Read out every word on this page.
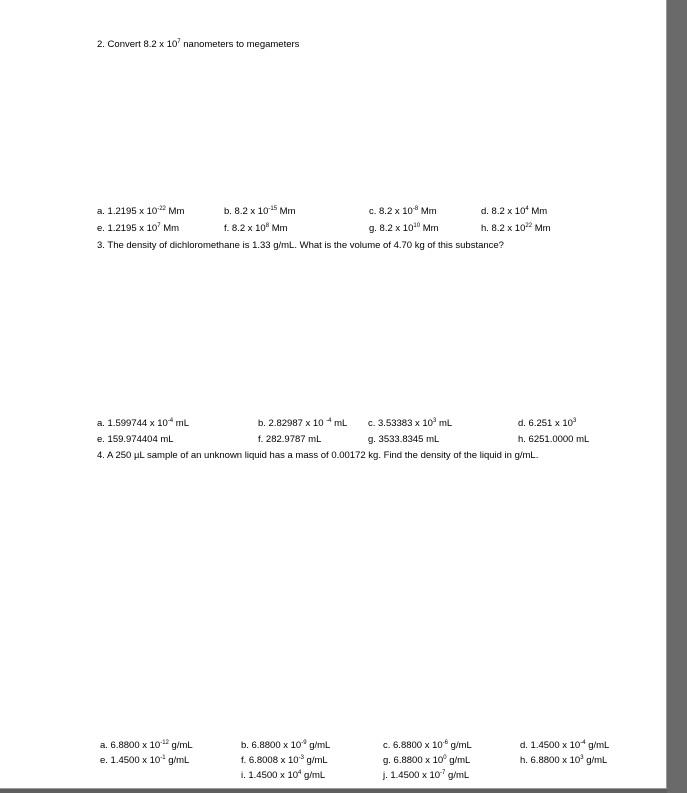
2. Convert 8.2 x $10^7$ nanometers to megameters
a. 1.2195 x $10^{-22}$ Mm	b. 8.2 x $10^{-15}$ Mm	c. 8.2 x $10^{-8}$ Mm	d. 8.2 x $10^4$ Mm
e. 1.2195 x $10^7$ Mm	f. 8.2 x $10^8$ Mm	g. 8.2 x $10^{10}$ Mm	h. 8.2 x $10^{22}$ Mm
3. The density of dichloromethane is 1.33 g/mL. What is the volume of 4.70 kg of this substance?
a. 1.599744 x $10^{-4}$ mL	b. 2.82987 x 10 $^{-4}$ mL c. 3.53383 x $10^3$ mL	d. 6.251 x $10^3$
e. 159.974404 mL	f. 282.9787 mL	g. 3533.8345 mL	h. 6251.0000 mL
4. A 250 µL sample of an unknown liquid has a mass of 0.00172 kg. Find the density of the liquid in g/mL.
a. 6.8800 x $10^{-12}$ g/mL	b. 6.8800 x $10^{-9}$ g/mL	c. 6.8800 x $10^{-6}$ g/mL	d. 1.4500 x $10^{-4}$ g/mL
e. 1.4500 x $10^{-1}$ g/mL	f. 6.8008 x $10^{-3}$ g/mL	g. 6.8800 x $10^0$ g/mL	h. 6.8800 x $10^3$ g/mL
i. 1.4500 x $10^4$ g/mL	j. 1.4500 x $10^{-7}$ g/mL
